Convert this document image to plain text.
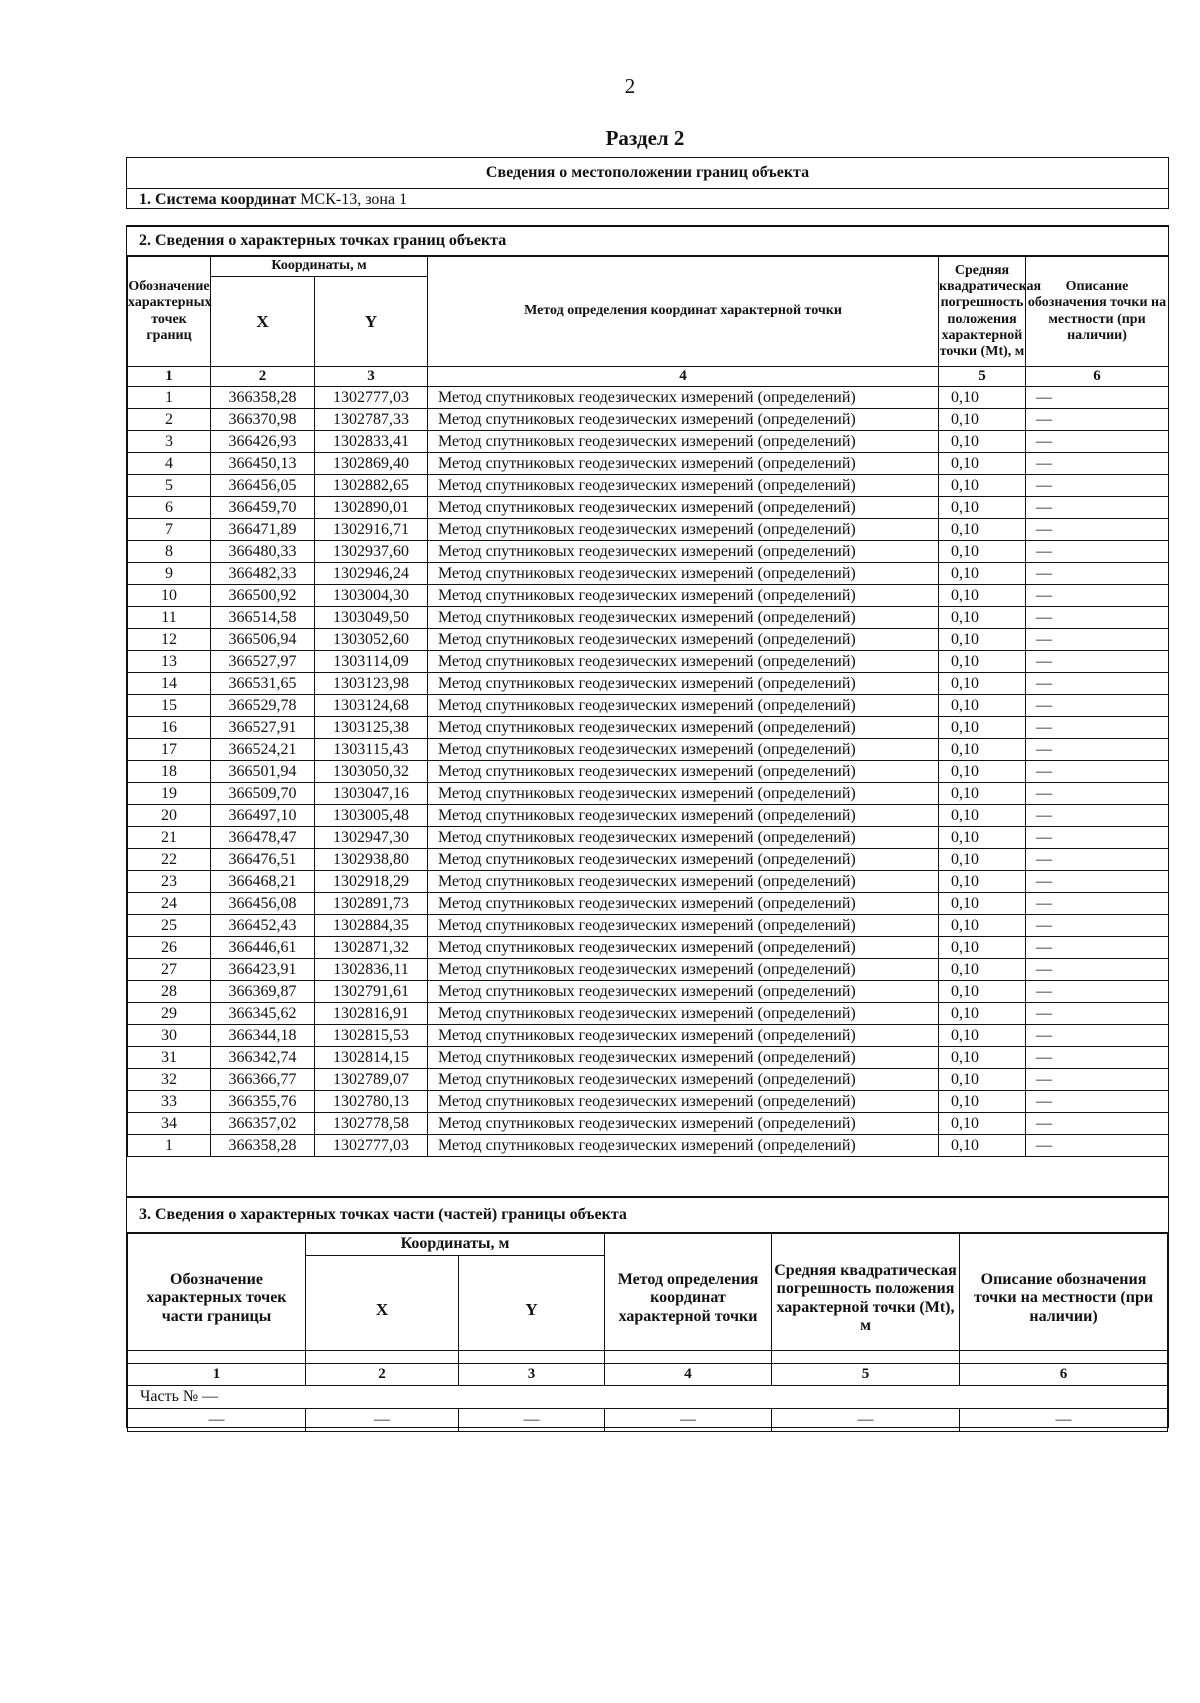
2
Раздел 2
Сведения о местоположении границ объекта
1. Система координат МСК-13, зона 1
2. Сведения о характерных точках границ объекта
Обозначение характерных точек границ	Координаты, м		Метод определения координат характерной точки	Средняя квадратическая погрешность положения характерной точки (Mt), м	Описание обозначения точки на местности (при наличии)
	X	Y			
1	2	3	4	5	6
1	366358,28	1302777,03	Метод спутниковых геодезических измерений (определений)	0,10	—
2	366370,98	1302787,33	Метод спутниковых геодезических измерений (определений)	0,10	—
3	366426,93	1302833,41	Метод спутниковых геодезических измерений (определений)	0,10	—
4	366450,13	1302869,40	Метод спутниковых геодезических измерений (определений)	0,10	—
5	366456,05	1302882,65	Метод спутниковых геодезических измерений (определений)	0,10	—
6	366459,70	1302890,01	Метод спутниковых геодезических измерений (определений)	0,10	—
7	366471,89	1302916,71	Метод спутниковых геодезических измерений (определений)	0,10	—
8	366480,33	1302937,60	Метод спутниковых геодезических измерений (определений)	0,10	—
9	366482,33	1302946,24	Метод спутниковых геодезических измерений (определений)	0,10	—
10	366500,92	1303004,30	Метод спутниковых геодезических измерений (определений)	0,10	—
11	366514,58	1303049,50	Метод спутниковых геодезических измерений (определений)	0,10	—
12	366506,94	1303052,60	Метод спутниковых геодезических измерений (определений)	0,10	—
13	366527,97	1303114,09	Метод спутниковых геодезических измерений (определений)	0,10	—
14	366531,65	1303123,98	Метод спутниковых геодезических измерений (определений)	0,10	—
15	366529,78	1303124,68	Метод спутниковых геодезических измерений (определений)	0,10	—
16	366527,91	1303125,38	Метод спутниковых геодезических измерений (определений)	0,10	—
17	366524,21	1303115,43	Метод спутниковых геодезических измерений (определений)	0,10	—
18	366501,94	1303050,32	Метод спутниковых геодезических измерений (определений)	0,10	—
19	366509,70	1303047,16	Метод спутниковых геодезических измерений (определений)	0,10	—
20	366497,10	1303005,48	Метод спутниковых геодезических измерений (определений)	0,10	—
21	366478,47	1302947,30	Метод спутниковых геодезических измерений (определений)	0,10	—
22	366476,51	1302938,80	Метод спутниковых геодезических измерений (определений)	0,10	—
23	366468,21	1302918,29	Метод спутниковых геодезических измерений (определений)	0,10	—
24	366456,08	1302891,73	Метод спутниковых геодезических измерений (определений)	0,10	—
25	366452,43	1302884,35	Метод спутниковых геодезических измерений (определений)	0,10	—
26	366446,61	1302871,32	Метод спутниковых геодезических измерений (определений)	0,10	—
27	366423,91	1302836,11	Метод спутниковых геодезических измерений (определений)	0,10	—
28	366369,87	1302791,61	Метод спутниковых геодезических измерений (определений)	0,10	—
29	366345,62	1302816,91	Метод спутниковых геодезических измерений (определений)	0,10	—
30	366344,18	1302815,53	Метод спутниковых геодезических измерений (определений)	0,10	—
31	366342,74	1302814,15	Метод спутниковых геодезических измерений (определений)	0,10	—
32	366366,77	1302789,07	Метод спутниковых геодезических измерений (определений)	0,10	—
33	366355,76	1302780,13	Метод спутниковых геодезических измерений (определений)	0,10	—
34	366357,02	1302778,58	Метод спутниковых геодезических измерений (определений)	0,10	—
1	366358,28	1302777,03	Метод спутниковых геодезических измерений (определений)	0,10	—
3. Сведения о характерных точках части (частей) границы объекта
Обозначение характерных точек части границы	Координаты, м		Метод определения координат характерной точки	Средняя квадратическая погрешность положения характерной точки (Mt), м	Описание обозначения точки на местности (при наличии)
	X	Y			
1	2	3	4	5	6
Часть № —					
—	—	—	—	—	—
